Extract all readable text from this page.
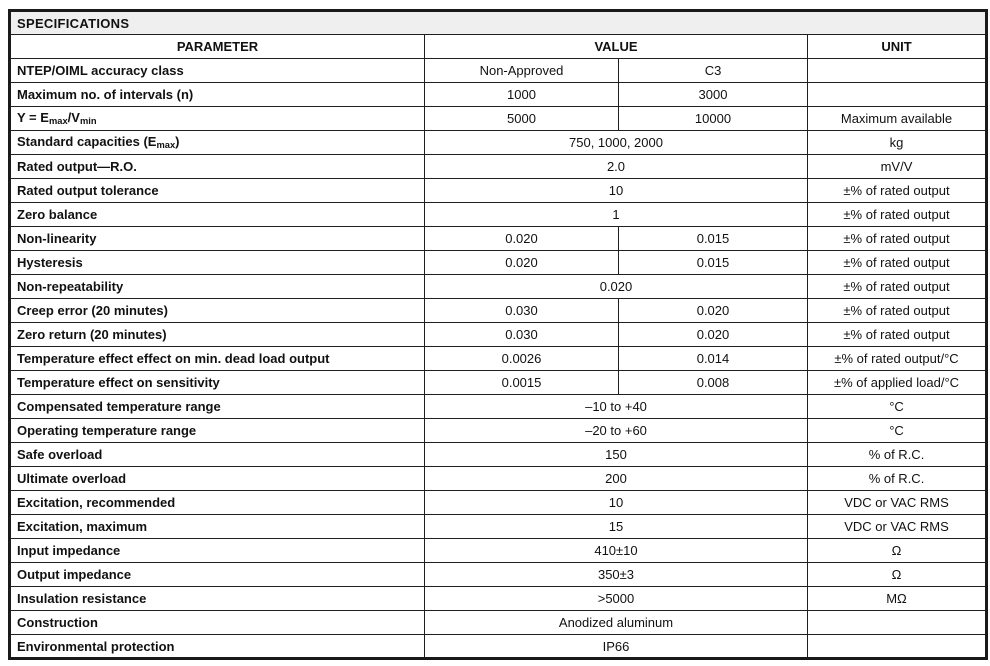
SPECIFICATIONS			
PARAMETER	VALUE		UNIT
NTEP/OIML accuracy class	Non-Approved	C3	
Maximum no. of intervals (n)	1000	3000	
$Y = E_{max}/V_{min}$	5000	10000	Maximum available
Standard capacities $(E_{max})$	750, 1000, 2000		kg
Rated output—R.O.	2.0		mV/V
Rated output tolerance	10		±% of rated output
Zero balance	1		±% of rated output
Non-linearity	0.020	0.015	±% of rated output
Hysteresis	0.020	0.015	±% of rated output
Non-repeatability	0.020		±% of rated output
Creep error (20 minutes)	0.030	0.020	±% of rated output
Zero return (20 minutes)	0.030	0.020	±% of rated output
Temperature effect effect on min. dead load output	0.0026	0.014	±% of rated output/°C
Temperature effect on sensitivity	0.0015	0.008	±% of applied load/°C
Compensated temperature range	–10 to +40		°C
Operating temperature range	–20 to +60		°C
Safe overload	150		% of R.C.
Ultimate overload	200		% of R.C.
Excitation, recommended	10		VDC or VAC RMS
Excitation, maximum	15		VDC or VAC RMS
Input impedance	410±10		Ω
Output impedance	350±3		Ω
Insulation resistance	>5000		MΩ
Construction	Anodized aluminum		
Environmental protection	IP66		
